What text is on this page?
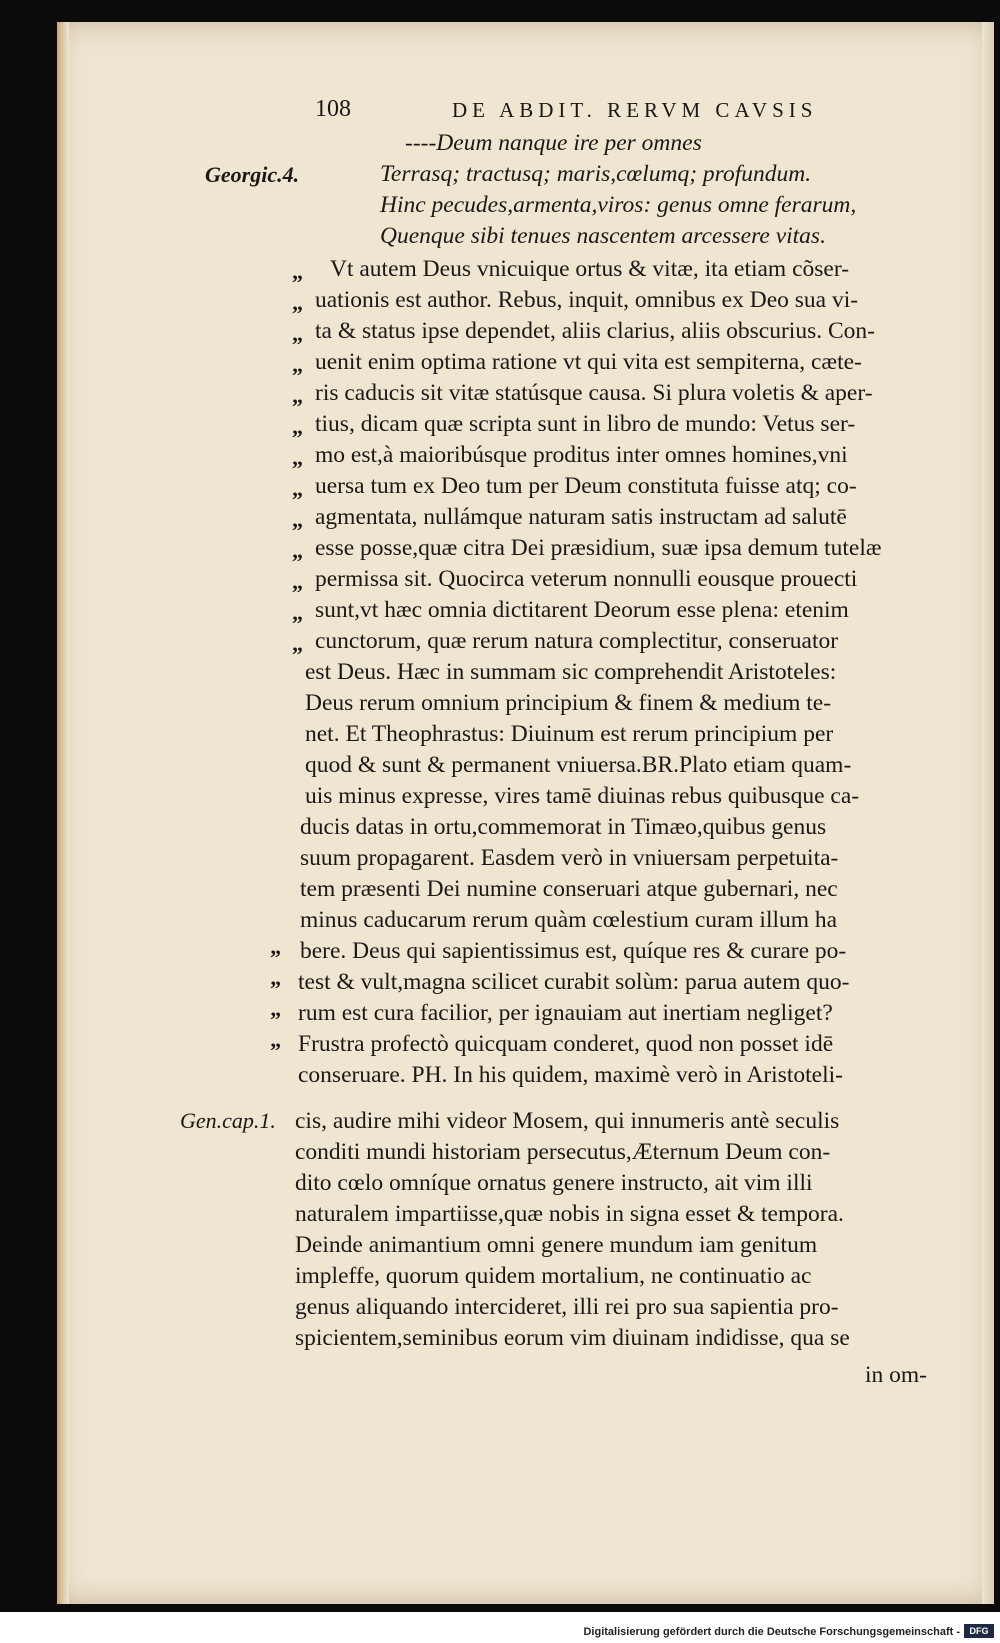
108	DE ABDIT. RERVM CAVSIS
Georgic.4.
Gen.cap.1.
----Deum nanque ire per omnes
Terrasq; tractusq; maris,cœlumq; profundum.
Hinc pecudes,armenta,viros: genus omne ferarum,
Quenque sibi tenues nascentem arcessere vitas.
„
„
„
„
„
„
„
„
„
„
„
„
„
Vt autem Deus vnicuique ortus & vitæ, ita etiam cõser-
uationis est author. Rebus, inquit, omnibus ex Deo sua vi-
ta & status ipse dependet, aliis clarius, aliis obscurius. Con-
uenit enim optima ratione vt qui vita est sempiterna, cæte-
ris caducis sit vitæ statúsque causa. Si plura voletis & aper-
tius, dicam quæ scripta sunt in libro de mundo: Vetus ser-
mo est,à maioribúsque proditus inter omnes homines,vni
uersa tum ex Deo tum per Deum constituta fuisse atq; co-
agmentata, nullámque naturam satis instructam ad salutē
esse posse,quæ citra Dei præsidium, suæ ipsa demum tutelæ
permissa sit. Quocirca veterum nonnulli eousque prouecti
sunt,vt hæc omnia dictitarent Deorum esse plena: etenim
cunctorum, quæ rerum natura complectitur, conseruator
est Deus. Hæc in summam sic comprehendit Aristoteles:
Deus rerum omnium principium & finem & medium te-
net. Et Theophrastus: Diuinum est rerum principium per
quod & sunt & permanent vniuersa.BR.Plato etiam quam-
uis minus expresse, vires tamē diuinas rebus quibusque ca-
ducis datas in ortu,commemorat in Timæo,quibus genus
suum propagarent. Easdem verò in vniuersam perpetuita-
tem præsenti Dei numine conseruari atque gubernari, nec
minus caducarum rerum quàm cœlestium curam illum ha
”
”
”
”
bere. Deus qui sapientissimus est, quíque res & curare po-
test & vult,magna scilicet curabit solùm: parua autem quo-
rum est cura facilior, per ignauiam aut inertiam negliget?
Frustra profectò quicquam conderet, quod non posset idē
conseruare. PH. In his quidem, maximè verò in Aristoteli-
cis, audire mihi videor Mosem, qui innumeris antè seculis
conditi mundi historiam persecutus,Æternum Deum con-
dito cœlo omníque ornatus genere instructo, ait vim illi
naturalem impartiisse,quæ nobis in signa esset & tempora.
Deinde animantium omni genere mundum iam genitum
impleffe, quorum quidem mortalium, ne continuatio ac
genus aliquando intercideret, illi rei pro sua sapientia pro-
spicientem,seminibus eorum vim diuinam indidisse, qua se
in om-
Digitalisierung gefördert durch die Deutsche Forschungsgemeinschaft -	DFG
